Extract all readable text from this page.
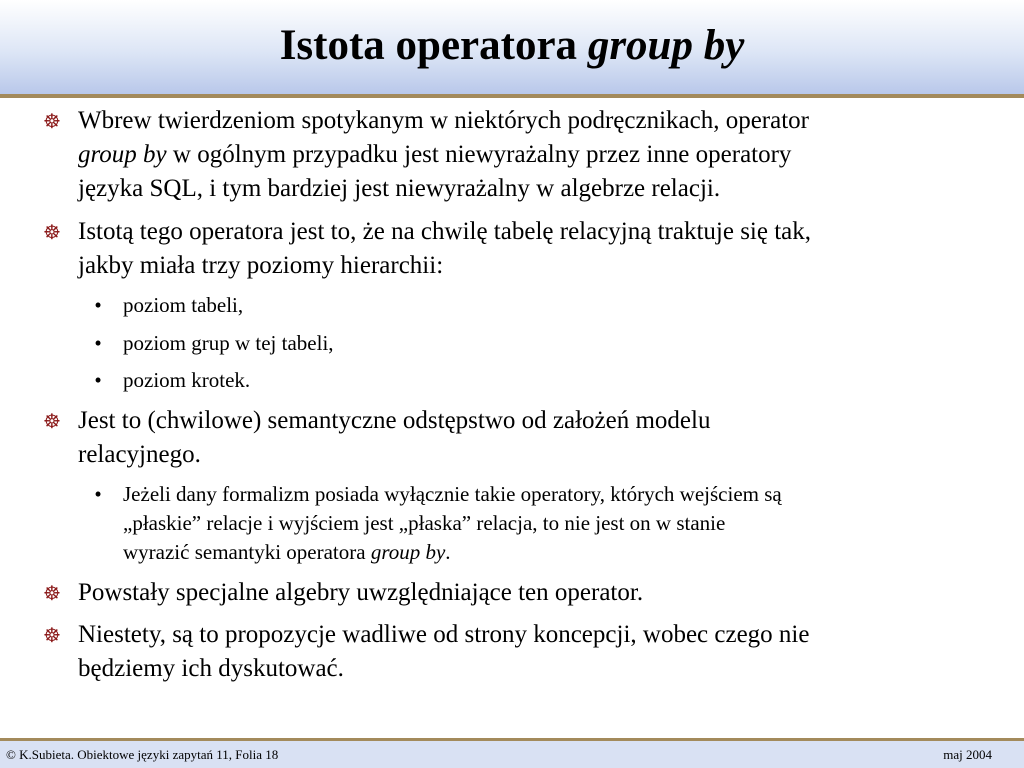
Istota operatora group by
☸ Wbrew twierdzeniom spotykanym w niektórych podręcznikach, operator
group by w ogólnym przypadku jest niewyrażalny przez inne operatory
języka SQL, i tym bardziej jest niewyrażalny w algebrze relacji.
☸ Istotą tego operatora jest to, że na chwilę tabelę relacyjną traktuje się tak,
jakby miała trzy poziomy hierarchii:
• poziom tabeli,
• poziom grup w tej tabeli,
• poziom krotek.
☸ Jest to (chwilowe) semantyczne odstępstwo od założeń modelu
relacyjnego.
• Jeżeli dany formalizm posiada wyłącznie takie operatory, których wejściem są
„płaskie” relacje i wyjściem jest „płaska” relacja, to nie jest on w stanie
wyrazić semantyki operatora group by.
☸ Powstały specjalne algebry uwzględniające ten operator.
☸ Niestety, są to propozycje wadliwe od strony koncepcji, wobec czego nie
będziemy ich dyskutować.
© K.Subieta. Obiektowe języki zapytań 11, Folia 18	maj 2004
